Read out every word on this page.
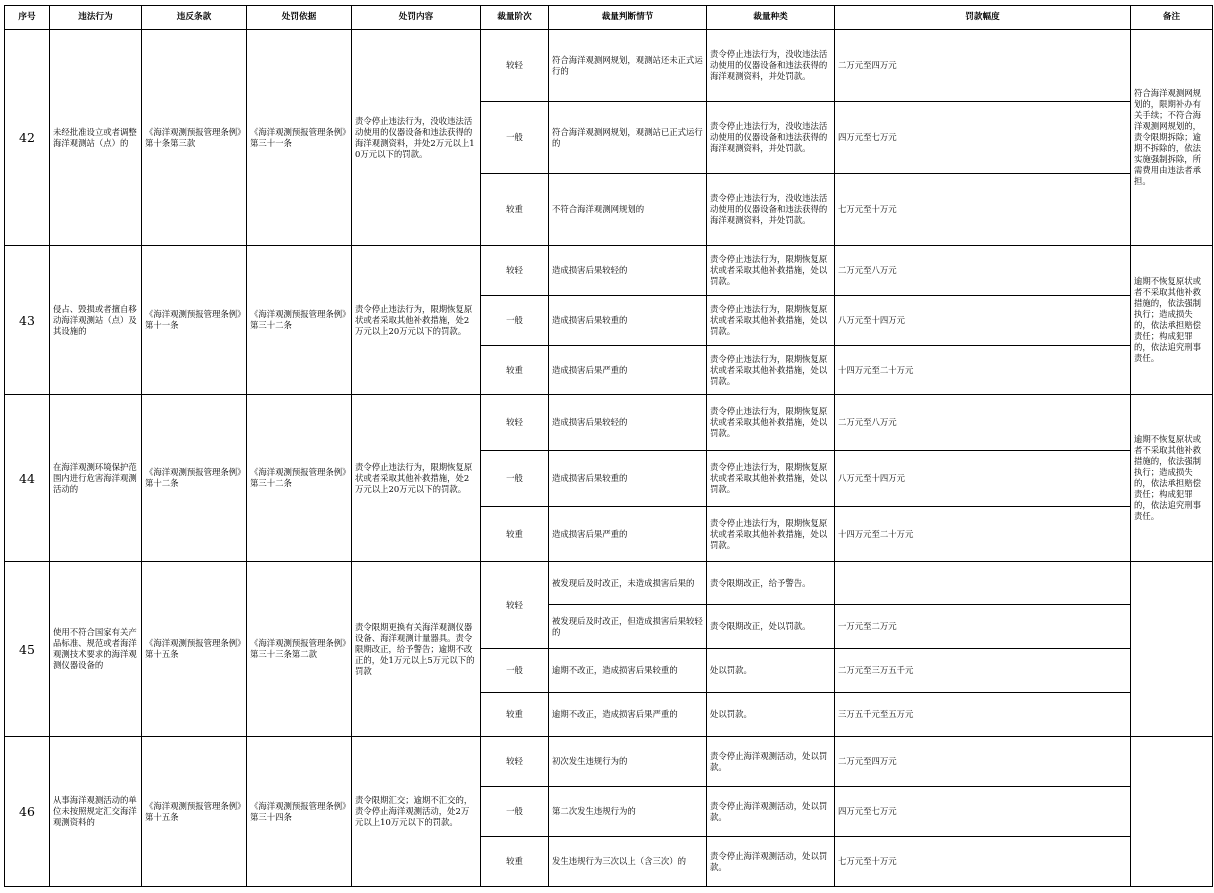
序号	违法行为	违反条款	处罚依据	处罚内容	裁量阶次	裁量判断情节	裁量种类	罚款幅度	备注
42	未经批准设立或者调整海洋观测站（点）的	《海洋观测预报管理条例》第十条第三款	《海洋观测预报管理条例》第三十一条	责令停止违法行为，没收违法活动使用的仪器设备和违法获得的海洋观测资料，并处2万元以上10万元以下的罚款。	较轻	符合海洋观测网规划，观测站还未正式运行的	责令停止违法行为，没收违法活动使用的仪器设备和违法获得的海洋观测资料，并处罚款。	二万元至四万元	符合海洋观测网规划的，限期补办有关手续；不符合海洋观测网规划的，责令限期拆除；逾期不拆除的，依法实施强制拆除，所需费用由违法者承担。
					一般	符合海洋观测网规划，观测站已正式运行的	责令停止违法行为，没收违法活动使用的仪器设备和违法获得的海洋观测资料，并处罚款。	四万元至七万元	
					较重	不符合海洋观测网规划的	责令停止违法行为，没收违法活动使用的仪器设备和违法获得的海洋观测资料，并处罚款。	七万元至十万元	
43	侵占、毁损或者擅自移动海洋观测站（点）及其设施的	《海洋观测预报管理条例》第十一条	《海洋观测预报管理条例》第三十二条	责令停止违法行为，限期恢复原状或者采取其他补救措施，处2万元以上20万元以下的罚款。	较轻	造成损害后果较轻的	责令停止违法行为，限期恢复原状或者采取其他补救措施，处以罚款。	二万元至八万元	逾期不恢复原状或者不采取其他补救措施的，依法强制执行；造成损失的，依法承担赔偿责任；构成犯罪的，依法追究刑事责任。
					一般	造成损害后果较重的	责令停止违法行为，限期恢复原状或者采取其他补救措施，处以罚款。	八万元至十四万元	
					较重	造成损害后果严重的	责令停止违法行为，限期恢复原状或者采取其他补救措施，处以罚款。	十四万元至二十万元	
44	在海洋观测环境保护范围内进行危害海洋观测活动的	《海洋观测预报管理条例》第十二条	《海洋观测预报管理条例》第三十二条	责令停止违法行为，限期恢复原状或者采取其他补救措施，处2万元以上20万元以下的罚款。	较轻	造成损害后果较轻的	责令停止违法行为，限期恢复原状或者采取其他补救措施，处以罚款。	二万元至八万元	逾期不恢复原状或者不采取其他补救措施的，依法强制执行；造成损失的，依法承担赔偿责任；构成犯罪的，依法追究刑事责任。
					一般	造成损害后果较重的	责令停止违法行为，限期恢复原状或者采取其他补救措施，处以罚款。	八万元至十四万元	
					较重	造成损害后果严重的	责令停止违法行为，限期恢复原状或者采取其他补救措施，处以罚款。	十四万元至二十万元	
45	使用不符合国家有关产品标准、规范或者海洋观测技术要求的海洋观测仪器设备的	《海洋观测预报管理条例》第十五条	《海洋观测预报管理条例》第三十三条第二款	责令限期更换有关海洋观测仪器设备、海洋观测计量器具。责令限期改正，给予警告；逾期不改正的，处1万元以上5万元以下的罚款	较轻	被发现后及时改正，未造成损害后果的	责令限期改正，给予警告。		
						被发现后及时改正，但造成损害后果较轻的	责令限期改正，处以罚款。	一万元至二万元	
					一般	逾期不改正，造成损害后果较重的	处以罚款。	二万元至三万五千元	
					较重	逾期不改正，造成损害后果严重的	处以罚款。	三万五千元至五万元	
46	从事海洋观测活动的单位未按照规定汇交海洋观测资料的	《海洋观测预报管理条例》第十五条	《海洋观测预报管理条例》第三十四条	责令限期汇交；逾期不汇交的，责令停止海洋观测活动，处2万元以上10万元以下的罚款。	较轻	初次发生违规行为的	责令停止海洋观测活动，处以罚款。	二万元至四万元	
					一般	第二次发生违规行为的	责令停止海洋观测活动，处以罚款。	四万元至七万元	
					较重	发生违规行为三次以上（含三次）的	责令停止海洋观测活动，处以罚款。	七万元至十万元	
